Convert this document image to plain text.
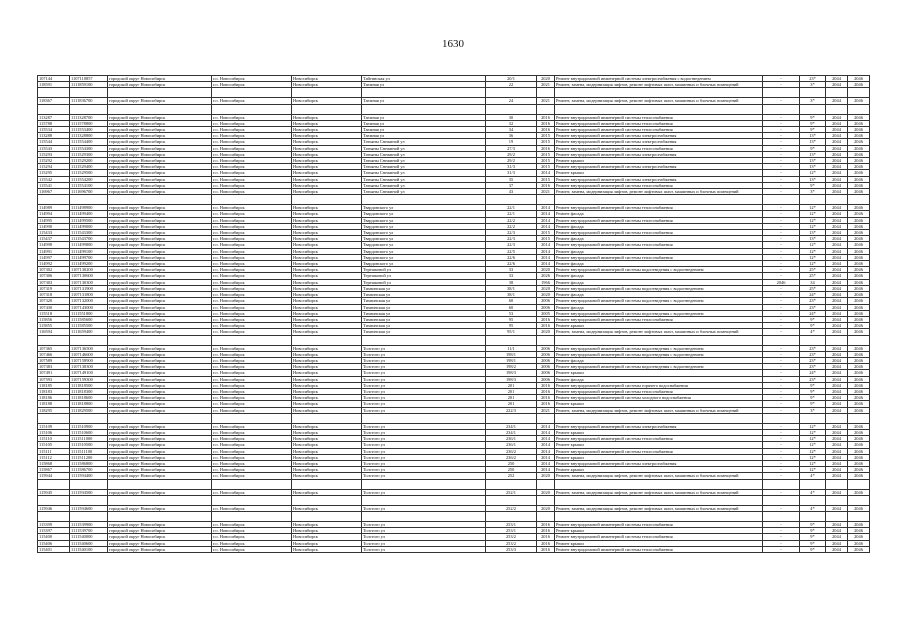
1630
107144	1107110857	городской округ Новосибирск	г.о. Новосибирск	Новосибирск	Тайгинская ул	20/1	2020	Ремонт внутридомовой инженерной системы электроснабжения с водоотведением	-	23*	2044	2046
118591	1111859100	городской округ Новосибирск	г.о. Новосибирск	Новосибирск	Таежная ул	22	2021	Ремонт, замена, модернизация лифтов, ремонт лифтовых шахт, машинных и блочных помещений	-	3*	2044	2046

118367	1111836700	городской округ Новосибирск	г.о. Новосибирск	Новосибирск	Таежная ул	24	2021	Ремонт, замена, модернизация лифтов, ремонт лифтовых шахт, машинных и блочных помещений	-	3*	2044	2046

113287	1111328700	городской округ Новосибирск	г.о. Новосибирск	Новосибирск	Таежная ул	30	2016	Ремонт внутридомовой инженерной системы теплоснабжения	-	9*	2044	2046
115788	1111578800	городской округ Новосибирск	г.о. Новосибирск	Новосибирск	Таежная ул	32	2016	Ремонт внутридомовой инженерной системы теплоснабжения	-	9*	2044	2046
115534	1111553400	городской округ Новосибирск	г.о. Новосибирск	Новосибирск	Таежная ул	34	2016	Ремонт внутридомовой инженерной системы теплоснабжения	-	9*	2044	2046
113288	1111328800	городской округ Новосибирск	г.о. Новосибирск	Новосибирск	Таежная ул	36	2015	Ремонт внутридомовой инженерной системы электроснабжения	-	13*	2044	2046
115544	1111554400	городской округ Новосибирск	г.о. Новосибирск	Новосибирск	Татьяны Снежиной ул	19	2015	Ремонт внутридомовой инженерной системы электроснабжения	-	13*	2044	2046
115543	1111554300	городской округ Новосибирск	г.о. Новосибирск	Новосибирск	Татьяны Снежиной ул	27/3	2016	Ремонт внутридомовой инженерной системы теплоснабжения	-	9*	2044	2046
115293	1111529300	городской округ Новосибирск	г.о. Новосибирск	Новосибирск	Татьяны Снежиной ул	29/2	2015	Ремонт внутридомовой инженерной системы электроснабжения	-	13*	2044	2046
115292	1111529200	городской округ Новосибирск	г.о. Новосибирск	Новосибирск	Татьяны Снежиной ул	29/2	2015	Ремонт крыши	-	13*	2044	2046
115294	1111529400	городской округ Новосибирск	г.о. Новосибирск	Новосибирск	Татьяны Снежиной ул	31/3	2015	Ремонт внутридомовой инженерной системы электроснабжения	-	13*	2044	2046
115295	1111529500	городской округ Новосибирск	г.о. Новосибирск	Новосибирск	Татьяны Снежиной ул	31/3	2014	Ремонт крыши	-	12*	2044	2046
115542	1111554200	городской округ Новосибирск	г.о. Новосибирск	Новосибирск	Татьяны Снежиной ул	35	2015	Ремонт внутридомовой инженерной системы электроснабжения	-	13*	2044	2046
115541	1111554100	городской округ Новосибирск	г.о. Новосибирск	Новосибирск	Татьяны Снежиной ул	37	2016	Ремонт внутридомовой инженерной системы теплоснабжения	-	9*	2044	2046
116967	1111696700	городской округ Новосибирск	г.о. Новосибирск	Новосибирск	Татьяны Снежиной ул	43	2021	Ремонт, замена, модернизация лифтов, ремонт лифтовых шахт, машинных и блочных помещений	-	3*	2044	2046

114989	1111498900	городской округ Новосибирск	г.о. Новосибирск	Новосибирск	Твардовского ул	22/1	2014	Ремонт внутридомовой инженерной системы теплоснабжения	-	12*	2044	2046
114994	1111499400	городской округ Новосибирск	г.о. Новосибирск	Новосибирск	Твардовского ул	22/1	2014	Ремонт фасада	-	12*	2044	2046
114995	1111499500	городской округ Новосибирск	г.о. Новосибирск	Новосибирск	Твардовского ул	22/2	2014	Ремонт внутридомовой инженерной системы теплоснабжения	-	12*	2044	2046
114990	1111499000	городской округ Новосибирск	г.о. Новосибирск	Новосибирск	Твардовского ул	22/2	2014	Ремонт фасада	-	12*	2044	2046
115433	1111543300	городской округ Новосибирск	г.о. Новосибирск	Новосибирск	Твардовского ул	22/3	2015	Ремонт внутридомовой инженерной системы теплоснабжения	-	13*	2044	2046
115437	1111543700	городской округ Новосибирск	г.о. Новосибирск	Новосибирск	Твардовского ул	22/3	2015	Ремонт фасада	-	13*	2044	2046
114998	1111499800	городской округ Новосибирск	г.о. Новосибирск	Новосибирск	Твардовского ул	22/3	2014	Ремонт внутридомовой инженерной системы теплоснабжения	-	12*	2044	2046
114991	1111499100	городской округ Новосибирск	г.о. Новосибирск	Новосибирск	Твардовского ул	22/5	2014	Ремонт фасада	-	12*	2044	2046
114997	1111499700	городской округ Новосибирск	г.о. Новосибирск	Новосибирск	Твардовского ул	22/6	2014	Ремонт внутридомовой инженерной системы теплоснабжения	-	12*	2044	2046
114992	1111499200	городской округ Новосибирск	г.о. Новосибирск	Новосибирск	Твардовского ул	22/6	2014	Ремонт фасада	-	12*	2044	2046
107302	1107130200	городской округ Новосибирск	г.о. Новосибирск	Новосибирск	Терешковой ул	33	2020	Ремонт внутридомовой инженерной системы водоотведения с водоотведением	-	25*	2044	2046
107306	1107130600	городской округ Новосибирск	г.о. Новосибирск	Новосибирск	Терешковой ул	33	2026	Ремонт фасада	-	25*	2044	2046
107303	1107130300	городской округ Новосибирск	г.о. Новосибирск	Новосибирск	Терешковой ул	38	1966	Ремонт фасада	2046	34	2044	2046
107319	1107131900	городской округ Новосибирск	г.о. Новосибирск	Новосибирск	Тихвинская ул	38/1	2020	Ремонт внутридомовой инженерной системы водоотведения с водоотведением	-	25*	2044	2046
107318	1107131800	городской округ Новосибирск	г.о. Новосибирск	Новосибирск	Тихвинская ул	38/1	2020	Ремонт фасада	-	24*	2044	2046
107320	1107132000	городской округ Новосибирск	г.о. Новосибирск	Новосибирск	Тихвинская ул	60	2006	Ремонт внутридомовой инженерной системы водоотведения с водоотведением	-	23*	2044	2046
107430	1107143000	городской округ Новосибирск	г.о. Новосибирск	Новосибирск	Тихвинская ул	60	2006	Ремонт фасада	-	23*	2044	2046
115518	1111551800	городской округ Новосибирск	г.о. Новосибирск	Новосибирск	Тихвинская ул	53	2005	Ремонт внутридомовой инженерной системы водоотведения с водоотведением	-	24*	2044	2046
115856	1111585600	городской округ Новосибирск	г.о. Новосибирск	Новосибирск	Тихвинская ул	95	2016	Ремонт внутридомовой инженерной системы теплоснабжения	-	9*	2044	2046
115855	1111585500	городской округ Новосибирск	г.о. Новосибирск	Новосибирск	Тихвинская ул	95	2016	Ремонт крыши	-	9*	2044	2046
116594	1111659400	городской округ Новосибирск	г.о. Новосибирск	Новосибирск	Тихвинская ул	95/1	2020	Ремонт, замена, модернизация лифтов, ремонт лифтовых шахт, машинных и блочных помещений	-	4*	2044	2046

107365	1107136500	городской округ Новосибирск	г.о. Новосибирск	Новосибирск	Толстого ул	11/1	2006	Ремонт внутридомовой инженерной системы водоотведения с водоотведением	-	23*	2044	2046
107466	1107146600	городской округ Новосибирск	г.о. Новосибирск	Новосибирск	Толстого ул	198/1	2006	Ремонт внутридомовой инженерной системы водоотведения с водоотведением	-	23*	2044	2046
107589	1107158900	городской округ Новосибирск	г.о. Новосибирск	Новосибирск	Толстого ул	198/1	2006	Ремонт фасада	-	23*	2044	2046
107383	1107138300	городской округ Новосибирск	г.о. Новосибирск	Новосибирск	Толстого ул	198/2	2006	Ремонт внутридомовой инженерной системы водоотведения с водоотведением	-	23*	2044	2046
107491	1107149100	городской округ Новосибирск	г.о. Новосибирск	Новосибирск	Толстого ул	198/3	2006	Ремонт крыши	-	24*	2044	2046
107593	1107159300	городской округ Новосибирск	г.о. Новосибирск	Новосибирск	Толстого ул	198/3	2006	Ремонт фасада	-	23*	2044	2046
118185	1111818500	городской округ Новосибирск	г.о. Новосибирск	Новосибирск	Толстого ул	201	2016	Ремонт внутридомовой инженерной системы горячего водоснабжения	-	9*	2044	2046
118183	1111818300	городской округ Новосибирск	г.о. Новосибирск	Новосибирск	Толстого ул	201	2016	Ремонт внутридомовой инженерной системы теплоснабжения	-	9*	2044	2046
118186	1111818600	городской округ Новосибирск	г.о. Новосибирск	Новосибирск	Толстого ул	201	2016	Ремонт внутридомовой инженерной системы холодного водоснабжения	-	9*	2044	2046
118188	1111818800	городской округ Новосибирск	г.о. Новосибирск	Новосибирск	Толстого ул	201	2016	Ремонт крыши	-	9*	2044	2046
118295	1111829500	городской округ Новосибирск	г.о. Новосибирск	Новосибирск	Толстого ул	222/3	2021	Ремонт, замена, модернизация лифтов, ремонт лифтовых шахт, машинных и блочных помещений	-	3*	2044	2046

115109	1111510900	городской округ Новосибирск	г.о. Новосибирск	Новосибирск	Толстого ул	234/1	2014	Ремонт внутридомовой инженерной системы электроснабжения	-	12*	2044	2046
115106	1111510600	городской округ Новосибирск	г.о. Новосибирск	Новосибирск	Толстого ул	234/1	2014	Ремонт крыши	-	12*	2044	2046
115110	1111511000	городской округ Новосибирск	г.о. Новосибирск	Новосибирск	Толстого ул	236/1	2014	Ремонт внутридомовой инженерной системы теплоснабжения	-	12*	2044	2046
115105	1111510500	городской округ Новосибирск	г.о. Новосибирск	Новосибирск	Толстого ул	236/1	2014	Ремонт крыши	-	12*	2044	2046
115111	1111511100	городской округ Новосибирск	г.о. Новосибирск	Новосибирск	Толстого ул	236/2	2014	Ремонт внутридомовой инженерной системы теплоснабжения	-	12*	2044	2046
115112	1111511200	городской округ Новосибирск	г.о. Новосибирск	Новосибирск	Толстого ул	236/2	2014	Ремонт крыши	-	12*	2044	2046
115868	1111586800	городской округ Новосибирск	г.о. Новосибирск	Новосибирск	Толстого ул	250	2014	Ремонт внутридомовой инженерной системы электроснабжения	-	12*	2044	2046
115867	1111586700	городской округ Новосибирск	г.о. Новосибирск	Новосибирск	Толстого ул	250	2014	Ремонт крыши	-	12*	2044	2046
115944	1111594400	городской округ Новосибирск	г.о. Новосибирск	Новосибирск	Толстого ул	252	2020	Ремонт, замена, модернизация лифтов, ремонт лифтовых шахт, машинных и блочных помещений	-	4*	2044	2046

115945	1111594500	городской округ Новосибирск	г.о. Новосибирск	Новосибирск	Толстого ул	252/1	2020	Ремонт, замена, модернизация лифтов, ремонт лифтовых шахт, машинных и блочных помещений	-	4*	2044	2046

115946	1111594600	городской округ Новосибирск	г.о. Новосибирск	Новосибирск	Толстого ул	252/2	2020	Ремонт, замена, модернизация лифтов, ремонт лифтовых шахт, машинных и блочных помещений	-	4*	2044	2046

115399	1111539900	городской округ Новосибирск	г.о. Новосибирск	Новосибирск	Толстого ул	253/1	2016	Ремонт внутридомовой инженерной системы теплоснабжения	-	9*	2044	2046
115397	1111539700	городской округ Новосибирск	г.о. Новосибирск	Новосибирск	Толстого ул	253/1	2016	Ремонт крыши	-	9*	2044	2046
115400	1111540000	городской округ Новосибирск	г.о. Новосибирск	Новосибирск	Толстого ул	253/2	2016	Ремонт внутридомовой инженерной системы теплоснабжения	-	9*	2044	2046
115406	1111540600	городской округ Новосибирск	г.о. Новосибирск	Новосибирск	Толстого ул	253/2	2016	Ремонт крыши	-	9*	2044	2046
115401	1111540100	городской округ Новосибирск	г.о. Новосибирск	Новосибирск	Толстого ул	253/3	2016	Ремонт внутридомовой инженерной системы теплоснабжения	-	9*	2044	2046
